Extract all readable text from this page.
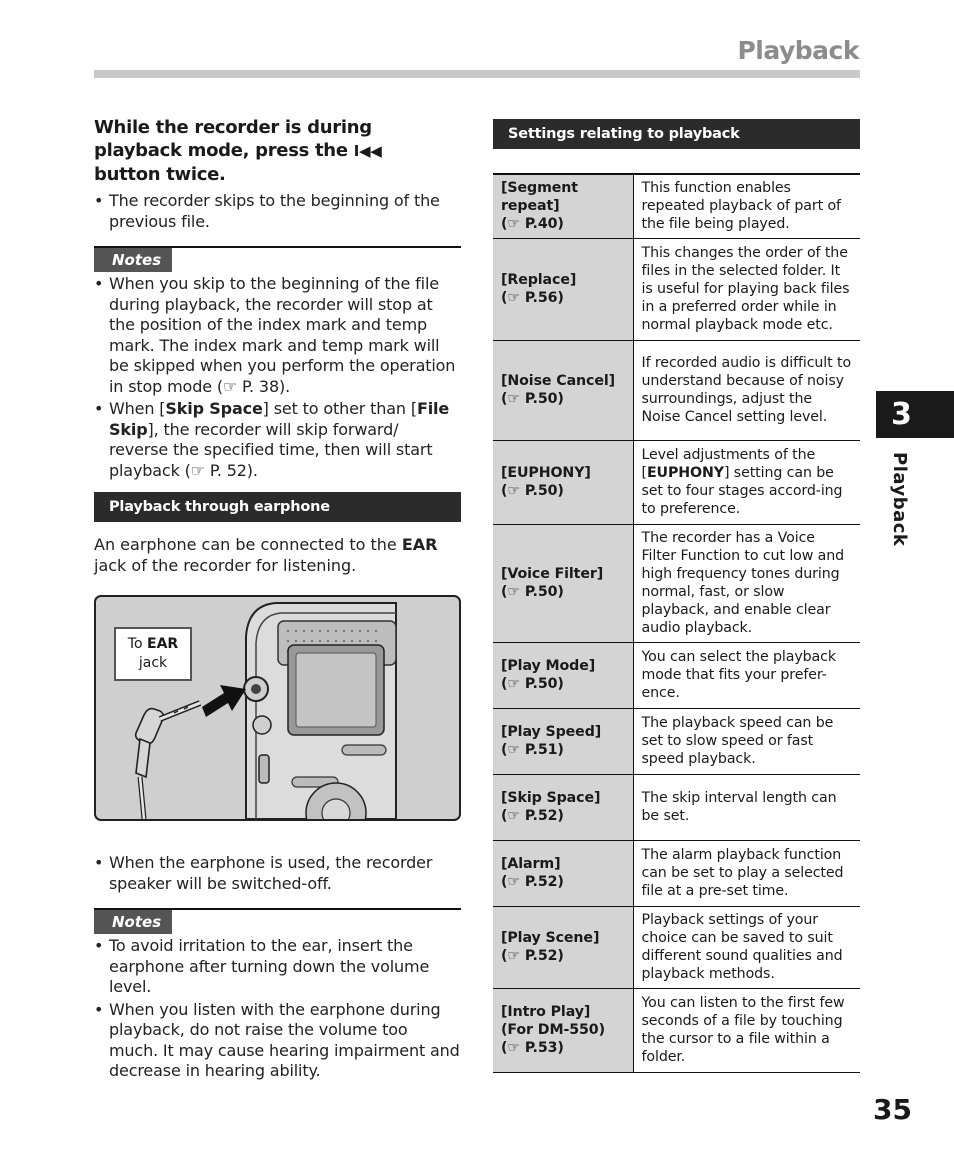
Playback
While the recorder is during
playback mode, press the I◀◀
button twice.
• The recorder skips to the beginning of the previous file.
Notes
• When you skip to the beginning of the file during playback, the recorder will stop at the position of the index mark and temp mark. The index mark and temp mark will be skipped when you perform the operation in stop mode (☞ P. 38).
• When [Skip Space] set to other than [File Skip], the recorder will skip forward/ reverse the specified time, then will start playback (☞ P. 52).
Playback through earphone
An earphone can be connected to the EAR jack of the recorder for listening.
To EAR
jack
• When the earphone is used, the recorder speaker will be switched-off.
Notes
• To avoid irritation to the ear, insert the earphone after turning down the volume level.
• When you listen with the earphone during playback, do not raise the volume too much. It may cause hearing impairment and decrease in hearing ability.
Settings relating to playback
[Segment repeat]
(☞ P.40)	This function enables repeated playback of part of the file being played.

[Replace]
(☞ P.56)	This changes the order of the files in the selected folder. It is useful for playing back files in a preferred order while in normal playback mode etc.

[Noise Cancel]
(☞ P.50)	If recorded audio is difficult to understand because of noisy surroundings, adjust the Noise Cancel setting level.

[EUPHONY]
(☞ P.50)	Level adjustments of the [EUPHONY] setting can be set to four stages accord-ing to preference.

[Voice Filter]
(☞ P.50)	The recorder has a Voice Filter Function to cut low and high frequency tones during normal, fast, or slow playback, and enable clear audio playback.

[Play Mode]
(☞ P.50)	You can select the playback mode that fits your prefer-ence.

[Play Speed]
(☞ P.51)	The playback speed can be set to slow speed or fast speed playback.

[Skip Space]
(☞ P.52)	The skip interval length can be set.

[Alarm]
(☞ P.52)	The alarm playback function can be set to play a selected file at a pre-set time.

[Play Scene]
(☞ P.52)	Playback settings of your choice can be saved to suit different sound qualities and playback methods.

[Intro Play] (For DM-550)
(☞ P.53)	You can listen to the first few seconds of a file by touching the cursor to a file within a folder.
3
Playback
35
